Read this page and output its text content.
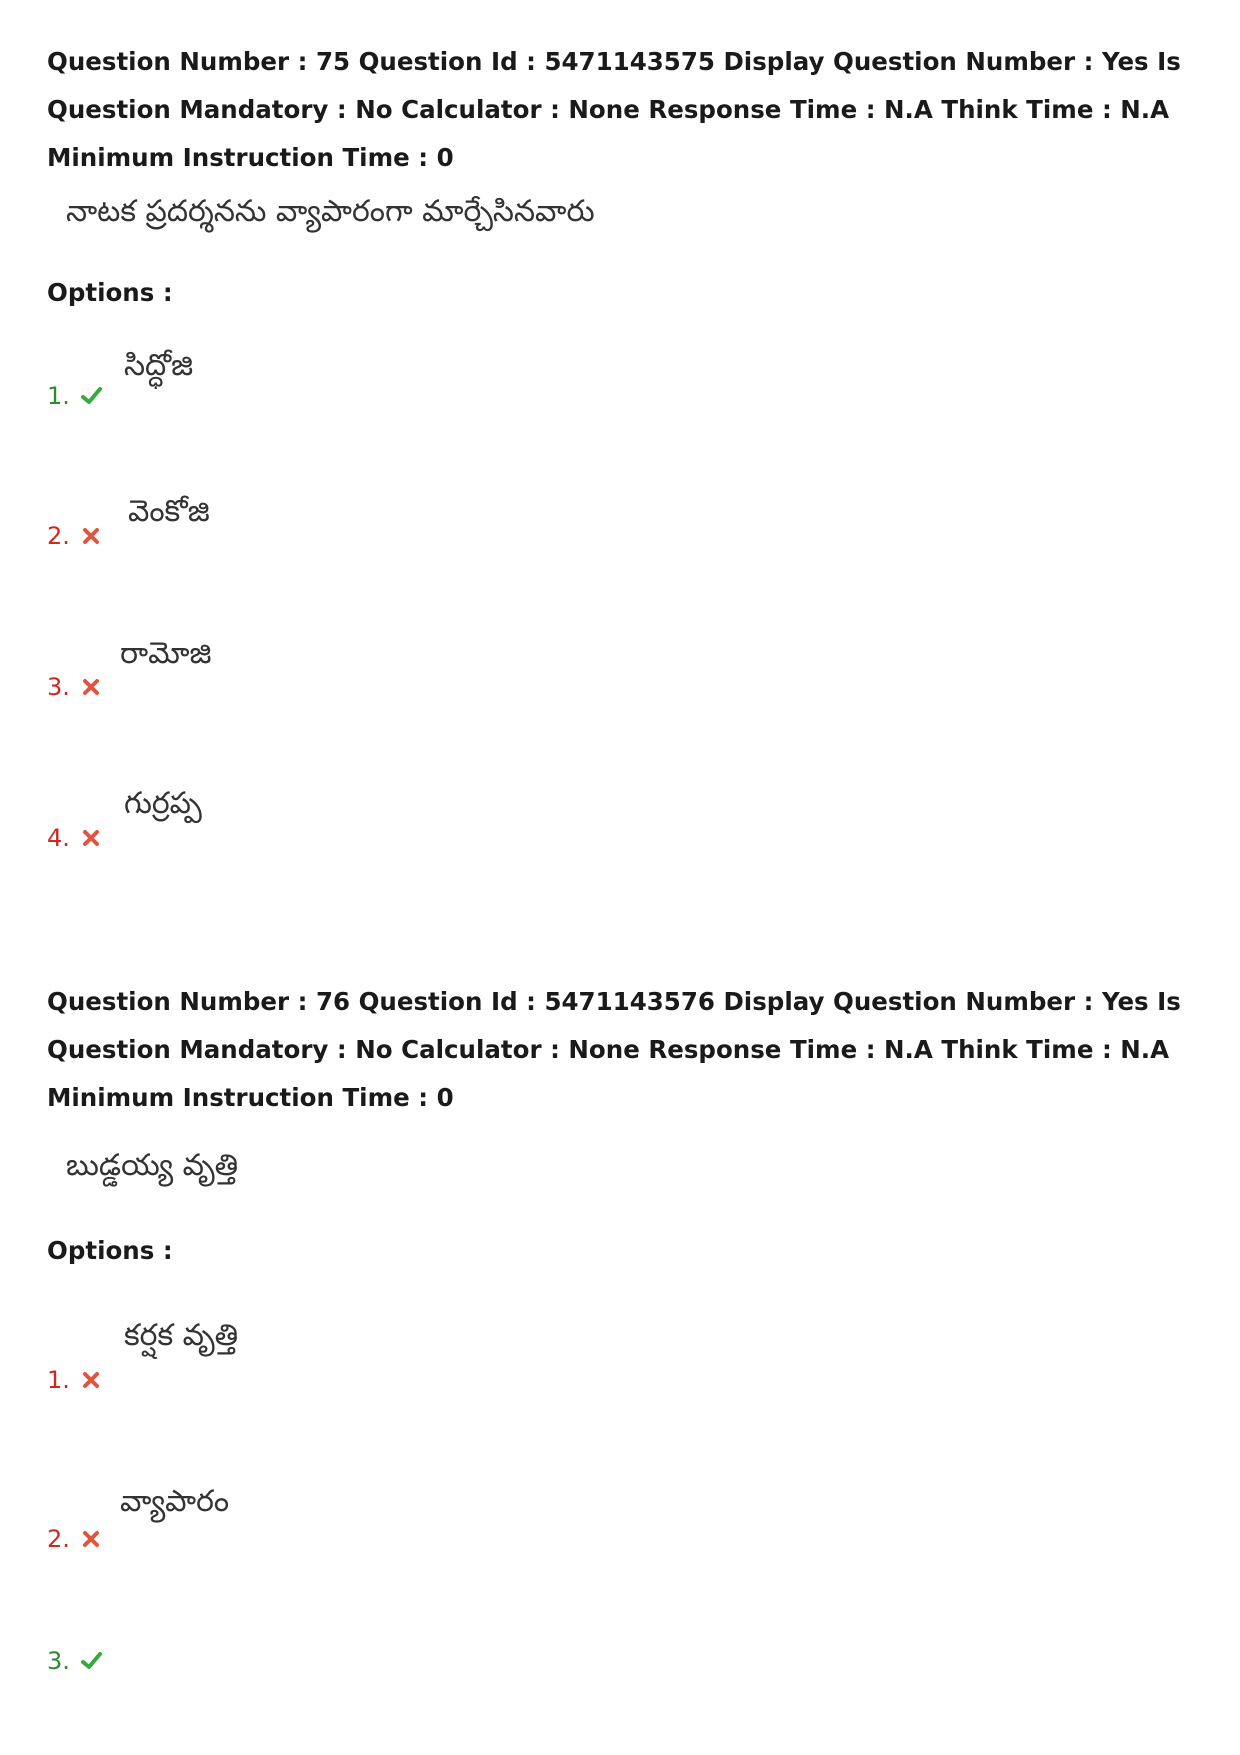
Question Number : 75 Question Id : 5471143575 Display Question Number : Yes Is Question Mandatory : No Calculator : None Response Time : N.A Think Time : N.A Minimum Instruction Time : 0
నాటక ప్రదర్శనను వ్యాపారంగా మార్చేసినవారు
Options :
1.
సిద్ధోజి
2.
వెంకోజి
3.
రామోజి
4.
గుర్రప్ప
Question Number : 76 Question Id : 5471143576 Display Question Number : Yes Is Question Mandatory : No Calculator : None Response Time : N.A Think Time : N.A Minimum Instruction Time : 0
బుడ్డయ్య వృత్తి
Options :
1.
కర్షక వృత్తి
2.
వ్యాపారం
3.
